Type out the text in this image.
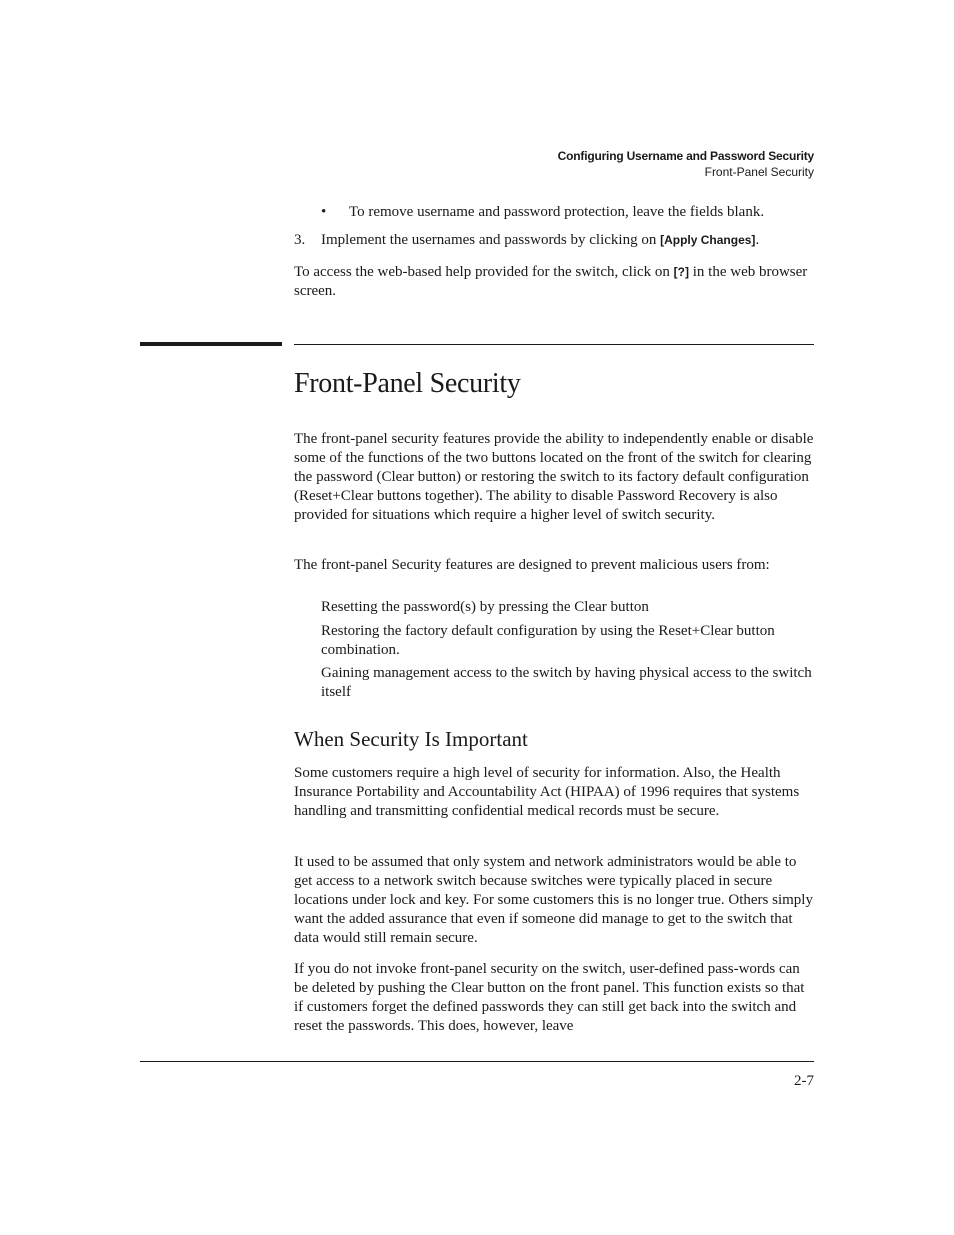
Configuring Username and Password Security
Front-Panel Security
• To remove username and password protection, leave the fields blank.
3. Implement the usernames and passwords by clicking on [Apply Changes].

To access the web-based help provided for the switch, click on [?] in the web browser screen.

Front-Panel Security

The front-panel security features provide the ability to independently enable or disable some of the functions of the two buttons located on the front of the switch for clearing the password (Clear button) or restoring the switch to its factory default configuration (Reset+Clear buttons together). The ability to disable Password Recovery is also provided for situations which require a higher level of switch security.

The front-panel Security features are designed to prevent malicious users from:

Resetting the password(s) by pressing the Clear button
Restoring the factory default configuration by using the Reset+Clear button combination.
Gaining management access to the switch by having physical access to the switch itself
When Security Is Important

Some customers require a high level of security for information. Also, the Health Insurance Portability and Accountability Act (HIPAA) of 1996 requires that systems handling and transmitting confidential medical records must be secure.

It used to be assumed that only system and network administrators would be able to get access to a network switch because switches were typically placed in secure locations under lock and key. For some customers this is no longer true. Others simply want the added assurance that even if someone did manage to get to the switch that data would still remain secure.

If you do not invoke front-panel security on the switch, user-defined pass-words can be deleted by pushing the Clear button on the front panel. This function exists so that if customers forget the defined passwords they can still get back into the switch and reset the passwords. This does, however, leave

2-7
